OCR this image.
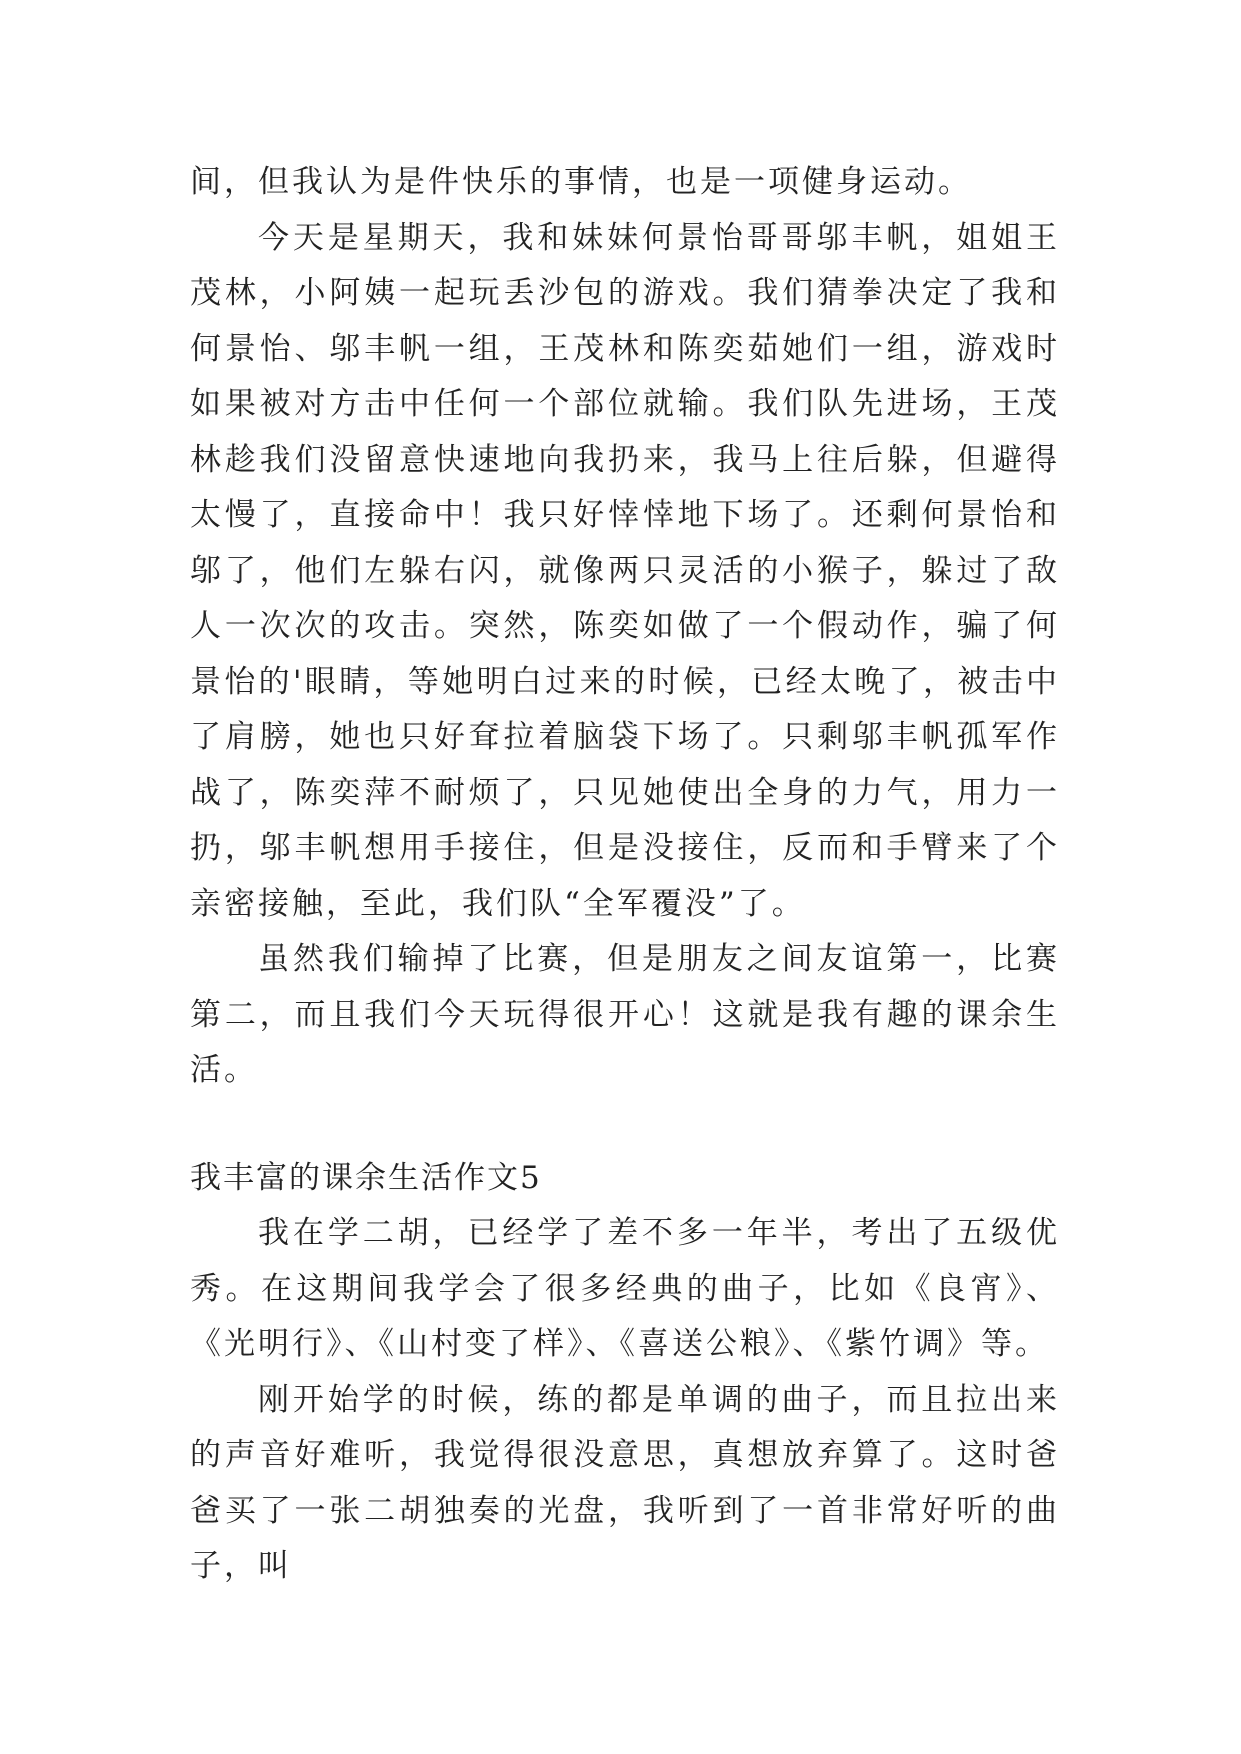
间，但我认为是件快乐的事情，也是一项健身运动。

今天是星期天，我和妹妹何景怡哥哥邬丰帆，姐姐王茂林，小阿姨一起玩丢沙包的游戏。我们猜拳决定了我和何景怡、邬丰帆一组，王茂林和陈奕茹她们一组，游戏时如果被对方击中任何一个部位就输。我们队先进场，王茂林趁我们没留意快速地向我扔来，我马上往后躲，但避得太慢了，直接命中！我只好悻悻地下场了。还剩何景怡和邬了，他们左躲右闪，就像两只灵活的小猴子，躲过了敌人一次次的攻击。突然，陈奕如做了一个假动作，骗了何景怡的'眼睛，等她明白过来的时候，已经太晚了，被击中了肩膀，她也只好耷拉着脑袋下场了。只剩邬丰帆孤军作战了，陈奕萍不耐烦了，只见她使出全身的力气，用力一扔，邬丰帆想用手接住，但是没接住，反而和手臂来了个亲密接触，至此，我们队“全军覆没”了。

虽然我们输掉了比赛，但是朋友之间友谊第一，比赛第二，而且我们今天玩得很开心！这就是我有趣的课余生活。

我丰富的课余生活作文5

我在学二胡，已经学了差不多一年半，考出了五级优秀。在这期间我学会了很多经典的曲子，比如《良宵》、《光明行》、《山村变了样》、《喜送公粮》、《紫竹调》等。

刚开始学的时候，练的都是单调的曲子，而且拉出来的声音好难听，我觉得很没意思，真想放弃算了。这时爸爸买了一张二胡独奏的光盘，我听到了一首非常好听的曲子，叫
